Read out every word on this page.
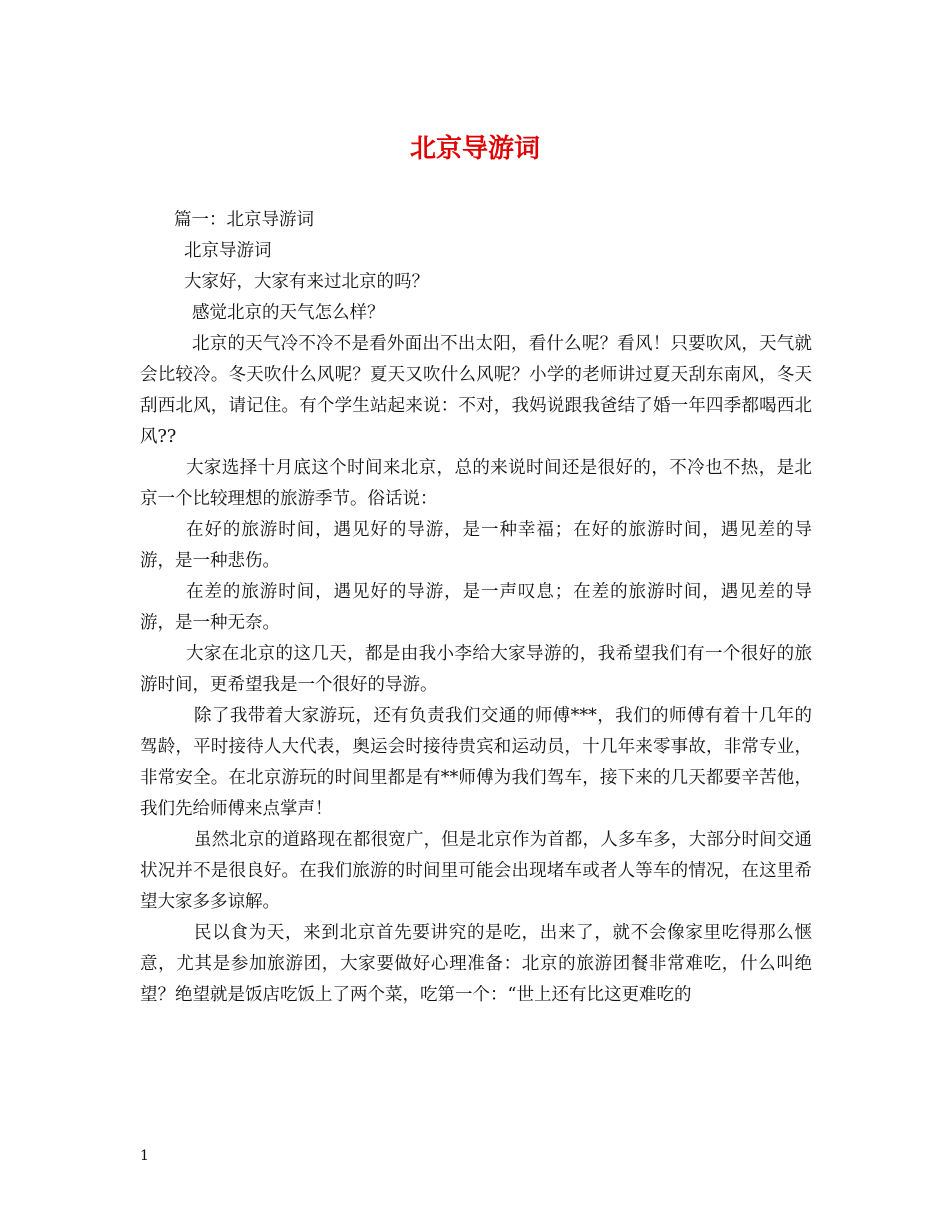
北京导游词

篇一：北京导游词

北京导游词

大家好，大家有来过北京的吗？

感觉北京的天气怎么样？

北京的天气冷不冷不是看外面出不出太阳，看什么呢？看风！只要吹风，天气就会比较冷。冬天吹什么风呢？夏天又吹什么风呢？小学的老师讲过夏天刮东南风，冬天刮西北风，请记住。有个学生站起来说：不对，我妈说跟我爸结了婚一年四季都喝西北风??

大家选择十月底这个时间来北京，总的来说时间还是很好的，不冷也不热，是北京一个比较理想的旅游季节。俗话说：

在好的旅游时间，遇见好的导游，是一种幸福；在好的旅游时间，遇见差的导游，是一种悲伤。

在差的旅游时间，遇见好的导游，是一声叹息；在差的旅游时间，遇见差的导游，是一种无奈。

大家在北京的这几天，都是由我小李给大家导游的，我希望我们有一个很好的旅游时间，更希望我是一个很好的导游。

除了我带着大家游玩，还有负责我们交通的师傅***，我们的师傅有着十几年的驾龄，平时接待人大代表，奥运会时接待贵宾和运动员，十几年来零事故，非常专业，非常安全。在北京游玩的时间里都是有**师傅为我们驾车，接下来的几天都要辛苦他，我们先给师傅来点掌声！

虽然北京的道路现在都很宽广，但是北京作为首都，人多车多，大部分时间交通状况并不是很良好。在我们旅游的时间里可能会出现堵车或者人等车的情况，在这里希望大家多多谅解。

民以食为天，来到北京首先要讲究的是吃，出来了，就不会像家里吃得那么惬意，尤其是参加旅游团，大家要做好心理准备：北京的旅游团餐非常难吃，什么叫绝望？绝望就是饭店吃饭上了两个菜，吃第一个：“世上还有比这更难吃的

1
